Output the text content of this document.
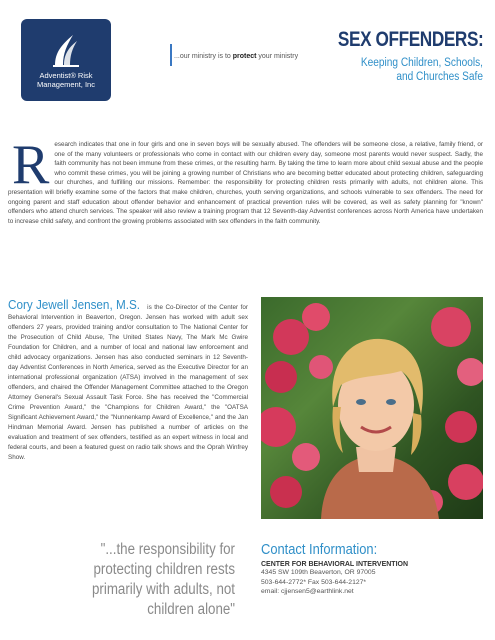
Adventist® Risk
Management, Inc
...our ministry is to protect your ministry
SEX OFFENDERS:
Keeping Children, Schools, and Churches Safe
Research indicates that one in four girls and one in seven boys will be sexually abused. The offenders will be someone close, a relative, family friend, or one of the many volunteers or professionals who come in contact with our children every day, someone most parents would never suspect. Sadly, the faith community has not been immune from these crimes, or the resulting harm. By taking the time to learn more about child sexual abuse and the people who commit these crimes, you will be joining a growing number of Christians who are becoming better educated about protecting children, safeguarding our churches, and fulfilling our missions. Remember: the responsibility for protecting children rests primarily with adults, not children alone. This presentation will briefly examine some of the factors that make children, churches, youth serving organizations, and schools vulnerable to sex offenders. The need for ongoing parent and staff education about offender behavior and enhancement of practical prevention rules will be covered, as well as safety planning for "known" offenders who attend church services. The speaker will also review a training program that 12 Seventh-day Adventist conferences across North America have undertaken to increase child safety, and confront the growing problems associated with sex offenders in the faith community.
Cory Jewell Jensen, M.S. is the Co-Director of the Center for Behavioral Intervention in Beaverton, Oregon. Jensen has worked with adult sex offenders 27 years, provided training and/or consultation to The National Center for the Prosecution of Child Abuse, The United States Navy, The Mark Mc Gwire Foundation for Children, and a number of local and national law enforcement and child advocacy organizations. Jensen has also conducted seminars in 12 Seventh-day Adventist Conferences in North America, served as the Executive Director for an international professional organization (ATSA) involved in the management of sex offenders, and chaired the Offender Management Committee attached to the Oregon Attorney General's Sexual Assault Task Force. She has received the "Commercial Crime Prevention Award," the "Champions for Children Award," the "OATSA Significant Achievement Award," the "Nunnenkamp Award of Excellence," and the Jan Hindman Memorial Award. Jensen has published a number of articles on the evaluation and treatment of sex offenders, testified as an expert witness in local and federal courts, and been a featured guest on radio talk shows and the Oprah Winfrey Show.
"...the responsibility for protecting children rests primarily with adults, not children alone"
Contact Information:
CENTER FOR BEHAVIORAL INTERVENTION
4345 SW 109th Beaverton, OR 97005
503-644-2772* Fax 503-644-2127*
email: cjjensen5@earthlink.net
